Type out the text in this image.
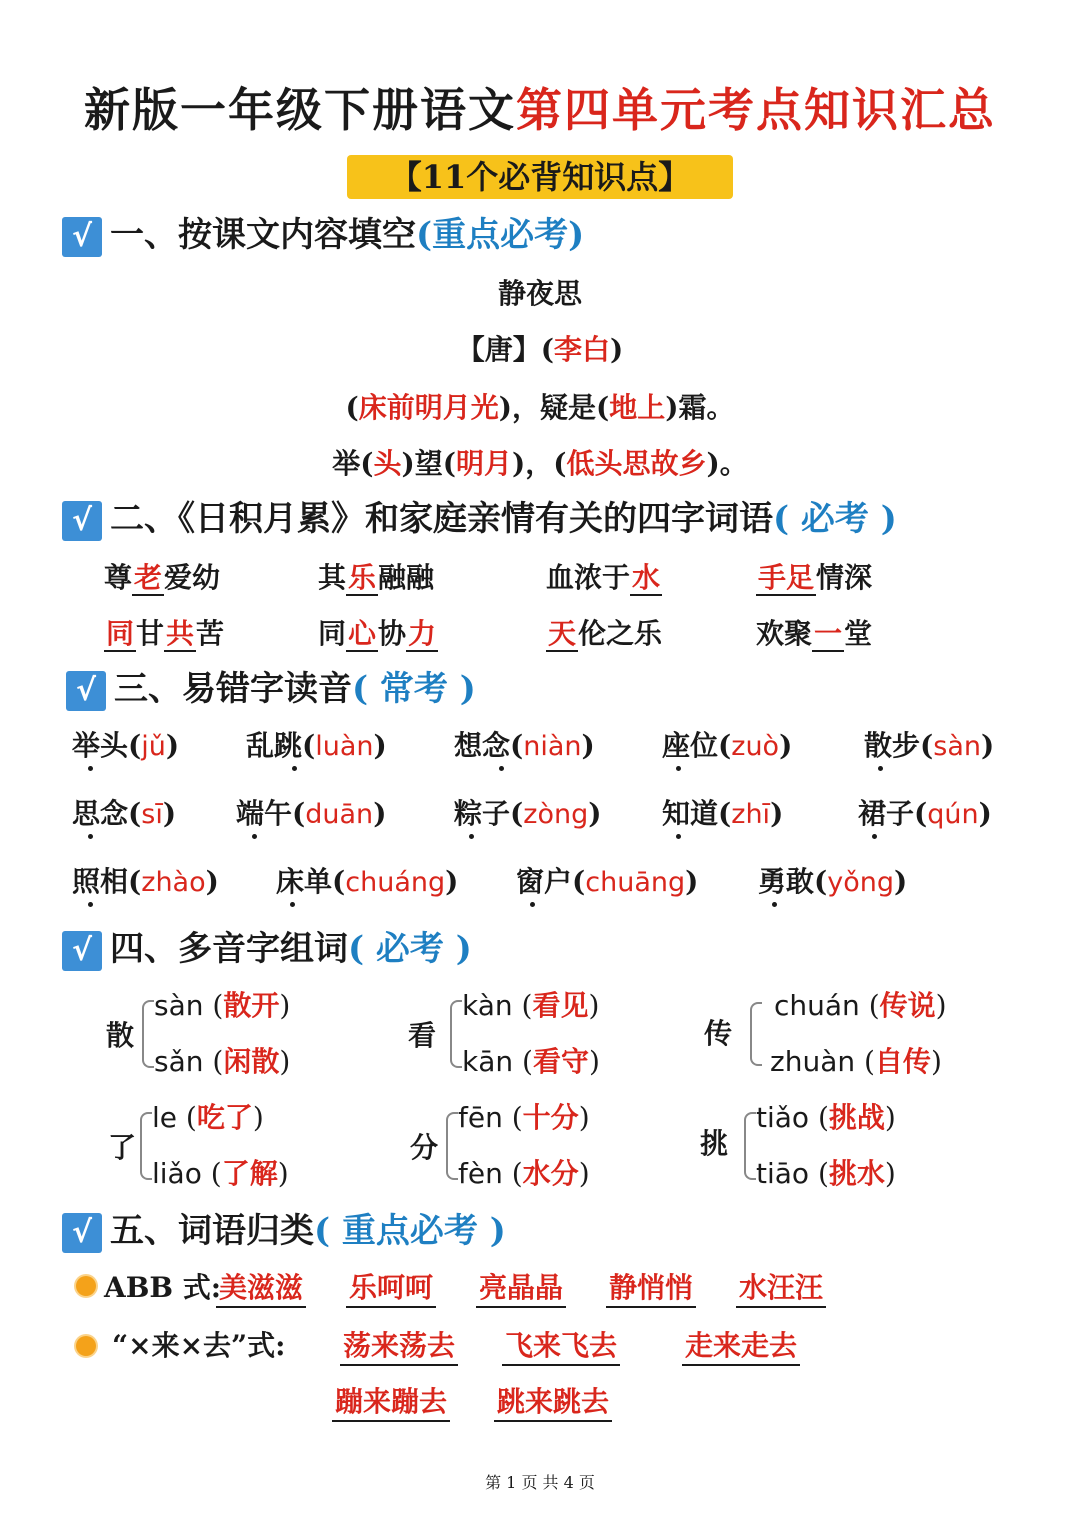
新版一年级下册语文第四单元考点知识汇总
【11个必背知识点】
√ 一、按课文内容填空(重点必考)
静夜思
【唐】(李白)
(床前明月光)，疑是(地上)霜。
举(头)望(明月)，(低头思故乡)。
√ 二、《日积月累》和家庭亲情有关的四字词语( 必考 )
尊老爱幼	其乐融融	血浓于水	手足情深
同甘共苦	同心协力	天伦之乐	欢聚一堂
√ 三、易错字读音( 常考 )
举头(jǔ) 乱跳(luàn) 想念(niàn) 座位(zuò)	散步(sàn)
思念(sī) 端午(duān) 粽子(zòng) 知道(zhī)	裙子(qún)
照相(zhào) 床单(chuáng) 窗户(chuāng) 勇敢(yǒng)
√ 四、多音字组词( 必考 )
散
sàn (散开)
sǎn (闲散)
看
kàn (看见)
kān (看守)
传
chuán (传说)
zhuàn (自传)
了
le (吃了)
liǎo (了解)
分
fēn (十分)
fèn (水分)
挑
tiǎo (挑战)
tiāo (挑水)
√ 五、词语归类( 重点必考 )
ABB 式:
美滋滋 乐呵呵 亮晶晶 静悄悄 水汪汪
“×来×去”式: 荡来荡去 飞来飞去 走来走去
蹦来蹦去 跳来跳去
第 1 页 共 4 页
